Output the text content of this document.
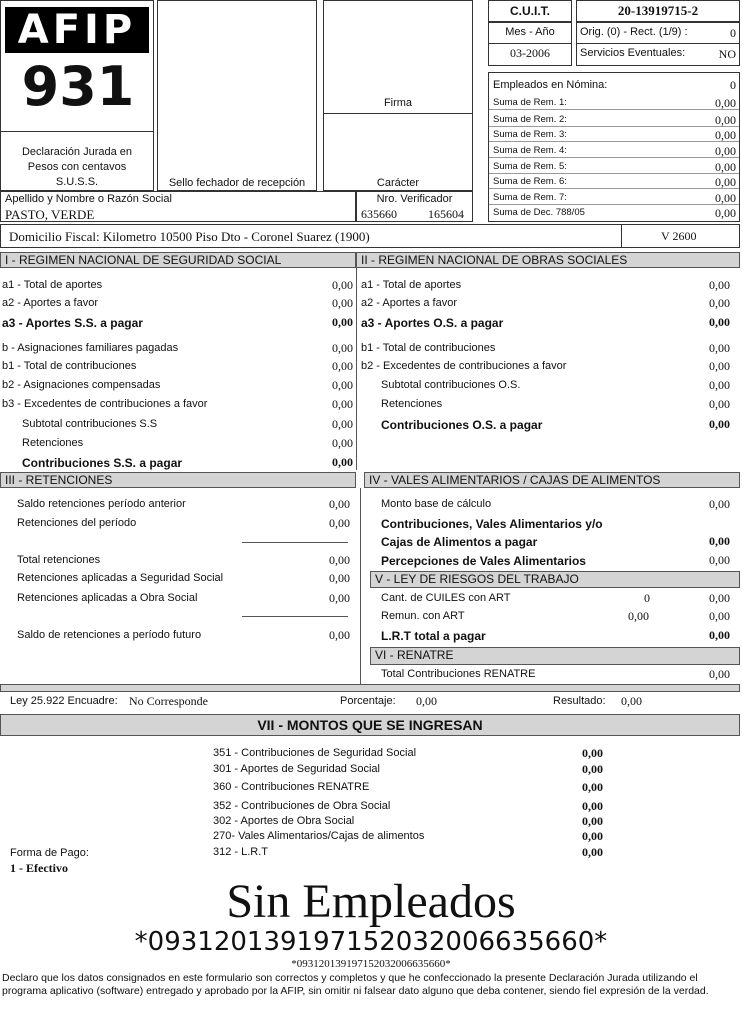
AFIP
931
Declaración Jurada en
Pesos con centavos
S.U.S.S.	Sello fechador de recepción
Firma
Carácter
C.U.I.T.	20-13919715-2
Mes - Año
03-2006
Orig. (0) - Rect. (1/9) :	0
Servicios Eventuales:	NO
Empleados en Nómina:	0
Suma de Rem. 1:	0,00
Suma de Rem. 2:	0,00
Suma de Rem. 3:	0,00
Suma de Rem. 4:	0,00
Suma de Rem. 5:	0,00
Suma de Rem. 6:	0,00
Suma de Rem. 7:	0,00
Suma de Dec. 788/05	0,00
Apellido y Nombre o Razón Social
PASTO, VERDE
Nro. Verificador
635660	165604
Domicilio Fiscal: Kilometro 10500 Piso Dto - Coronel Suarez (1900)	V 2600
I - REGIMEN NACIONAL DE SEGURIDAD SOCIAL	II - REGIMEN NACIONAL DE OBRAS SOCIALES
a1 - Total de aportes	0,00
a2 - Aportes a favor	0,00
a3 - Aportes S.S. a pagar	0,00
b - Asignaciones familiares pagadas	0,00
b1 - Total de contribuciones	0,00
b2 - Asignaciones compensadas	0,00
b3 - Excedentes de contribuciones a favor	0,00
Subtotal contribuciones S.S	0,00
Retenciones	0,00
Contribuciones S.S. a pagar	0,00
a1 - Total de aportes	0,00
a2 - Aportes a favor	0,00
a3 - Aportes O.S. a pagar	0,00
b1 - Total de contribuciones	0,00
b2 - Excedentes de contribuciones a favor	0,00
Subtotal contribuciones O.S.	0,00
Retenciones	0,00
Contribuciones O.S. a pagar	0,00
III - RETENCIONES	IV - VALES ALIMENTARIOS / CAJAS DE ALIMENTOS
Saldo retenciones período anterior	0,00
Retenciones del período	0,00
Total retenciones	0,00
Retenciones aplicadas a Seguridad Social	0,00
Retenciones aplicadas a Obra Social	0,00
Saldo de retenciones a período futuro	0,00
Monto base de cálculo	0,00
Contribuciones, Vales Alimentarios y/o
Cajas de Alimentos a pagar	0,00
Percepciones de Vales Alimentarios	0,00
V - LEY DE RIESGOS DEL TRABAJO
Cant. de CUILES con ART	0	0,00
Remun. con ART	0,00	0,00
L.R.T total a pagar	0,00
VI - RENATRE
Total Contribuciones RENATRE	0,00
Ley 25.922 Encuadre: No Corresponde	Porcentaje: 0,00	Resultado: 0,00
VII - MONTOS QUE SE INGRESAN
351 - Contribuciones de Seguridad Social	0,00
301 - Aportes de Seguridad Social	0,00
360 - Contribuciones RENATRE	0,00
352 - Contribuciones de Obra Social	0,00
302 - Aportes de Obra Social	0,00
270- Vales Alimentarios/Cajas de alimentos	0,00
312 - L.R.T	0,00
Forma de Pago:
1 - Efectivo
Sin Empleados
*09312013919715203200663566​0*
*093120139197152032006635660*
Declaro que los datos consignados en este formulario son correctos y completos y que he confeccionado la presente Declaración Jurada utilizando el programa aplicativo (software) entregado y aprobado por la AFIP, sin omitir ni falsear dato alguno que deba contener, siendo fiel expresión de la verdad.
